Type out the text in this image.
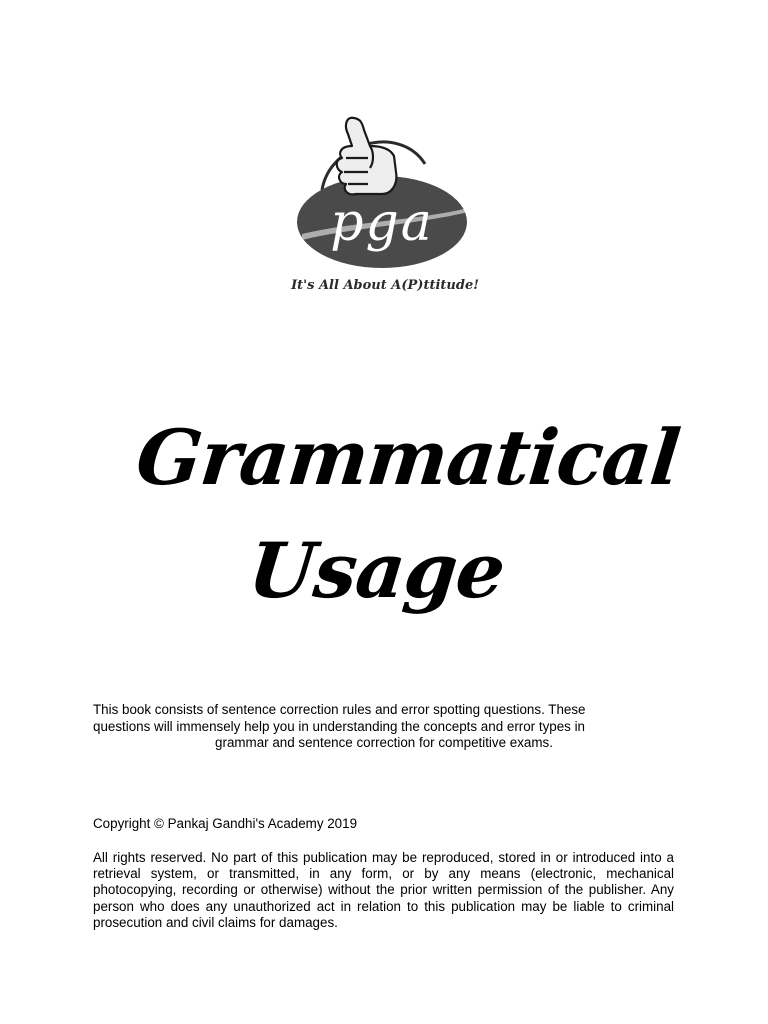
pga
It's All About A(P)ttitude!
Grammatical
Usage
This book consists of sentence correction rules and error spotting questions. These
questions will immensely help you in understanding the concepts and error types in
grammar and sentence correction for competitive exams.
Copyright © Pankaj Gandhi's Academy 2019
All rights reserved. No part of this publication may be reproduced, stored in or introduced into a retrieval system, or transmitted, in any form, or by any means (electronic, mechanical photocopying, recording or otherwise) without the prior written permission of the publisher. Any person who does any unauthorized act in relation to this publication may be liable to criminal prosecution and civil claims for damages.
